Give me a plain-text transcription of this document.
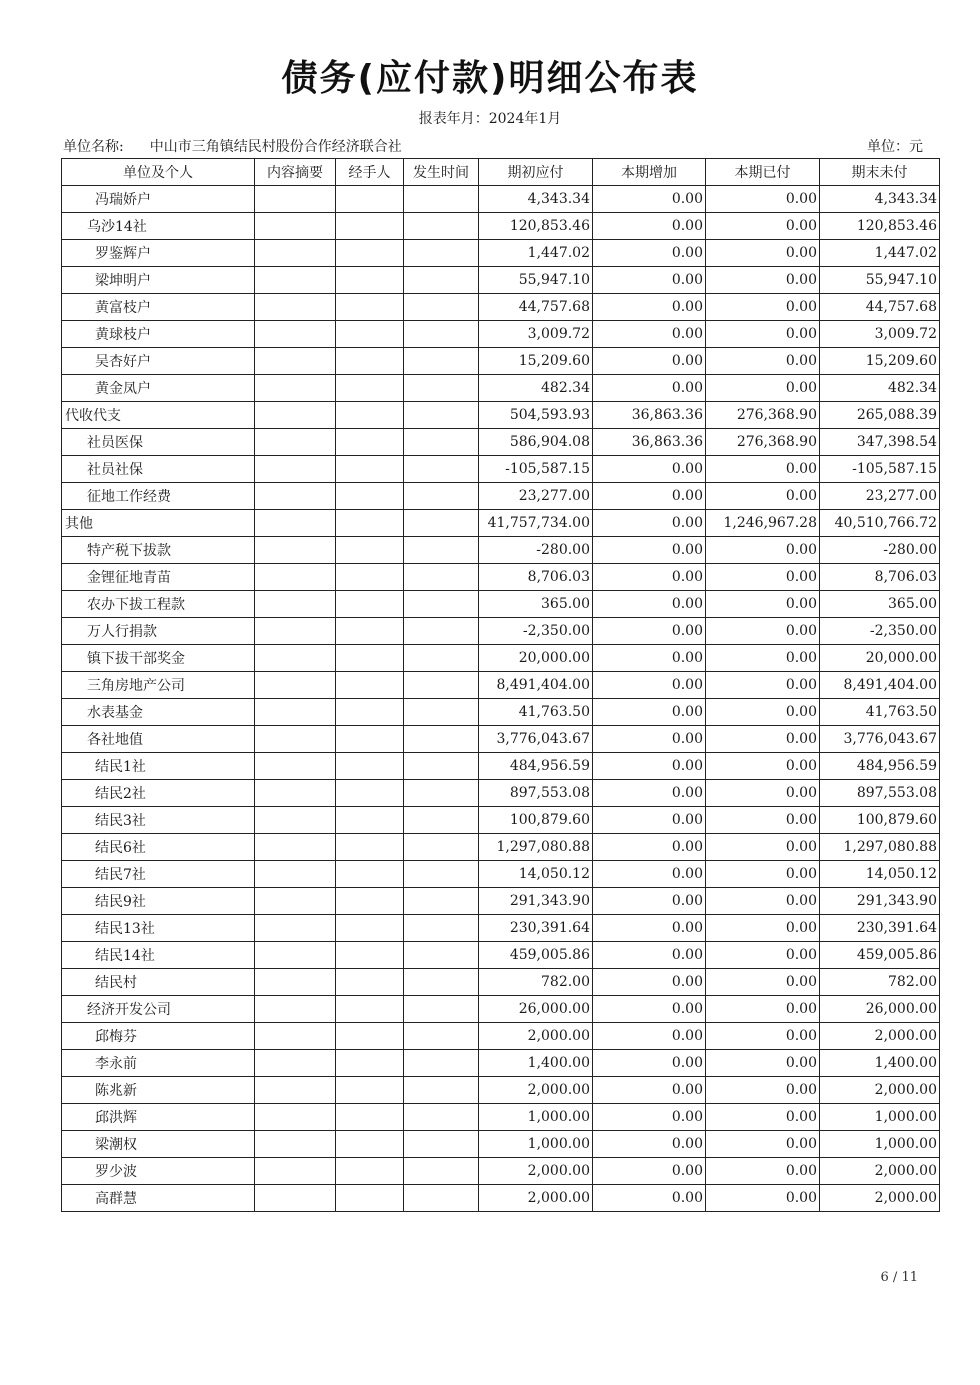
债务(应付款)明细公布表
报表年月：2024年1月
单位名称: 中山市三角镇结民村股份合作经济联合社	单位：元
单位及个人	内容摘要	经手人	发生时间	期初应付	本期增加	本期已付	期末未付
冯瑞娇户				4,343.34	0.00	0.00	4,343.34
乌沙14社				120,853.46	0.00	0.00	120,853.46
罗鉴辉户				1,447.02	0.00	0.00	1,447.02
梁坤明户				55,947.10	0.00	0.00	55,947.10
黄富枝户				44,757.68	0.00	0.00	44,757.68
黄球枝户				3,009.72	0.00	0.00	3,009.72
吴杏好户				15,209.60	0.00	0.00	15,209.60
黄金凤户				482.34	0.00	0.00	482.34
代收代支				504,593.93	36,863.36	276,368.90	265,088.39
社员医保				586,904.08	36,863.36	276,368.90	347,398.54
社员社保				-105,587.15	0.00	0.00	-105,587.15
征地工作经费				23,277.00	0.00	0.00	23,277.00
其他				41,757,734.00	0.00	1,246,967.28	40,510,766.72
特产税下拔款				-280.00	0.00	0.00	-280.00
金锂征地青苗				8,706.03	0.00	0.00	8,706.03
农办下拔工程款				365.00	0.00	0.00	365.00
万人行捐款				-2,350.00	0.00	0.00	-2,350.00
镇下拔干部奖金				20,000.00	0.00	0.00	20,000.00
三角房地产公司				8,491,404.00	0.00	0.00	8,491,404.00
水表基金				41,763.50	0.00	0.00	41,763.50
各社地值				3,776,043.67	0.00	0.00	3,776,043.67
结民1社				484,956.59	0.00	0.00	484,956.59
结民2社				897,553.08	0.00	0.00	897,553.08
结民3社				100,879.60	0.00	0.00	100,879.60
结民6社				1,297,080.88	0.00	0.00	1,297,080.88
结民7社				14,050.12	0.00	0.00	14,050.12
结民9社				291,343.90	0.00	0.00	291,343.90
结民13社				230,391.64	0.00	0.00	230,391.64
结民14社				459,005.86	0.00	0.00	459,005.86
结民村				782.00	0.00	0.00	782.00
经济开发公司				26,000.00	0.00	0.00	26,000.00
邱梅芬				2,000.00	0.00	0.00	2,000.00
李永前				1,400.00	0.00	0.00	1,400.00
陈兆新				2,000.00	0.00	0.00	2,000.00
邱洪辉				1,000.00	0.00	0.00	1,000.00
梁潮权				1,000.00	0.00	0.00	1,000.00
罗少波				2,000.00	0.00	0.00	2,000.00
高群慧				2,000.00	0.00	0.00	2,000.00
6 / 11
